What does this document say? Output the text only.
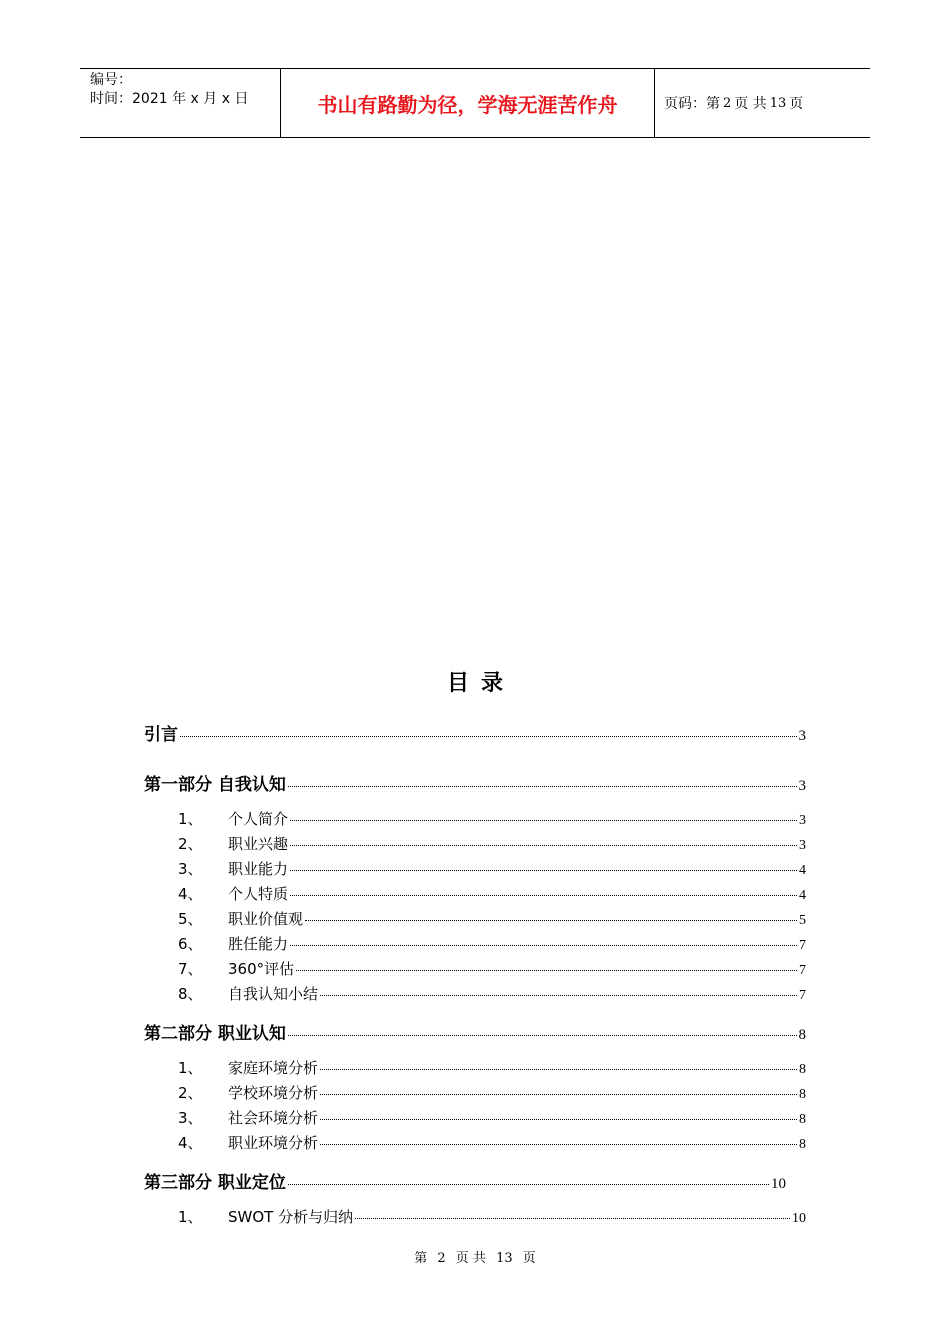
编号：
时间：2021 年 x 月 x 日	书山有路勤为径，学海无涯苦作舟	页码：第 2 页 共 13 页
目录
引言	3
第一部分 自我认知	3
1、	个人简介	3
2、	职业兴趣	3
3、	职业能力	4
4、	个人特质	4
5、	职业价值观	5
6、	胜任能力	7
7、	360°评估	7
8、	自我认知小结	7
第二部分 职业认知	8
1、	家庭环境分析	8
2、	学校环境分析	8
3、	社会环境分析	8
4、	职业环境分析	8
第三部分 职业定位	10
1、	SWOT 分析与归纳	10
第 2 页 共 13 页
